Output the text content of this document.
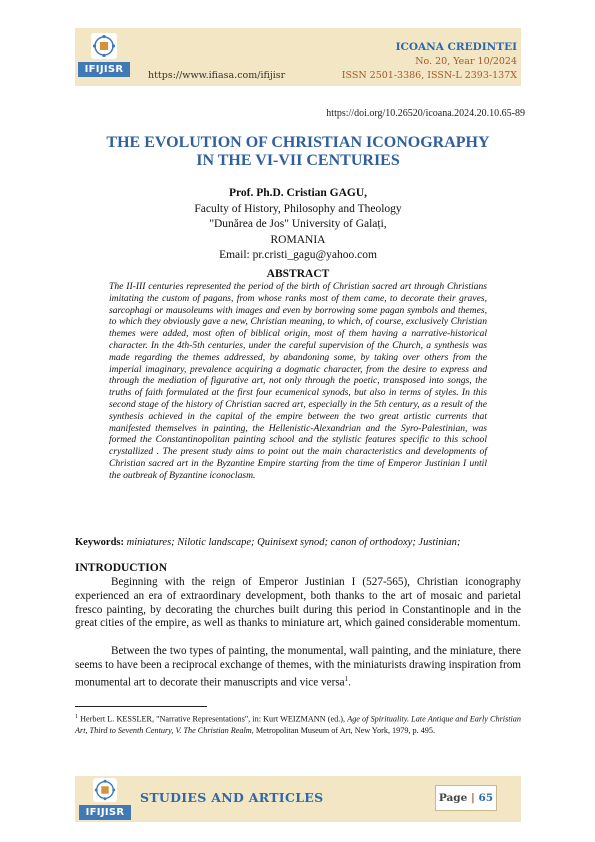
IFIJISR
https://www.ifiasa.com/ifijisr
ICOANA CREDINTEI
No. 20, Year 10/2024
ISSN 2501-3386, ISSN-L 2393-137X
https://doi.org/10.26520/icoana.2024.20.10.65-89
THE EVOLUTION OF CHRISTIAN ICONOGRAPHY
IN THE VI-VII CENTURIES
Prof. Ph.D. Cristian GAGU,
Faculty of History, Philosophy and Theology
"Dunărea de Jos" University of Galați,
ROMANIA
Email: pr.cristi_gagu@yahoo.com
ABSTRACT
The II-III centuries represented the period of the birth of Christian sacred art through Christians imitating the custom of pagans, from whose ranks most of them came, to decorate their graves, sarcophagi or mausoleums with images and even by borrowing some pagan symbols and themes, to which they obviously gave a new, Christian meaning, to which, of course, exclusively Christian themes were added, most often of biblical origin, most of them having a narrative-historical character. In the 4th-5th centuries, under the careful supervision of the Church, a synthesis was made regarding the themes addressed, by abandoning some, by taking over others from the imperial imaginary, prevalence acquiring a dogmatic character, from the desire to express and through the mediation of figurative art, not only through the poetic, transposed into songs, the truths of faith formulated at the first four ecumenical synods, but also in terms of styles. In this second stage of the history of Christian sacred art, especially in the 5th century, as a result of the synthesis achieved in the capital of the empire between the two great artistic currents that manifested themselves in painting, the Hellenistic-Alexandrian and the Syro-Palestinian, was formed the Constantinopolitan painting school and the stylistic features specific to this school crystallized . The present study aims to point out the main characteristics and developments of Christian sacred art in the Byzantine Empire starting from the time of Emperor Justinian I until the outbreak of Byzantine iconoclasm.
Keywords: miniatures; Nilotic landscape; Quinisext synod; canon of orthodoxy; Justinian;
INTRODUCTION
Beginning with the reign of Emperor Justinian I (527-565), Christian iconography experienced an era of extraordinary development, both thanks to the art of mosaic and parietal fresco painting, by decorating the churches built during this period in Constantinople and in the great cities of the empire, as well as thanks to miniature art, which gained considerable momentum.
Between the two types of painting, the monumental, wall painting, and the miniature, there seems to have been a reciprocal exchange of themes, with the miniaturists drawing inspiration from monumental art to decorate their manuscripts and vice versa$^1$.
$^1$ Herbert L. KESSLER, "Narrative Representations", in: Kurt WEIZMANN (ed.), Age of Spirituality. Late Antique and Early Christian Art, Third to Seventh Century, V. The Christian Realm, Metropolitan Museum of Art, New York, 1979, p. 495.
IFIJISR
STUDIES AND ARTICLES	Page | 65
